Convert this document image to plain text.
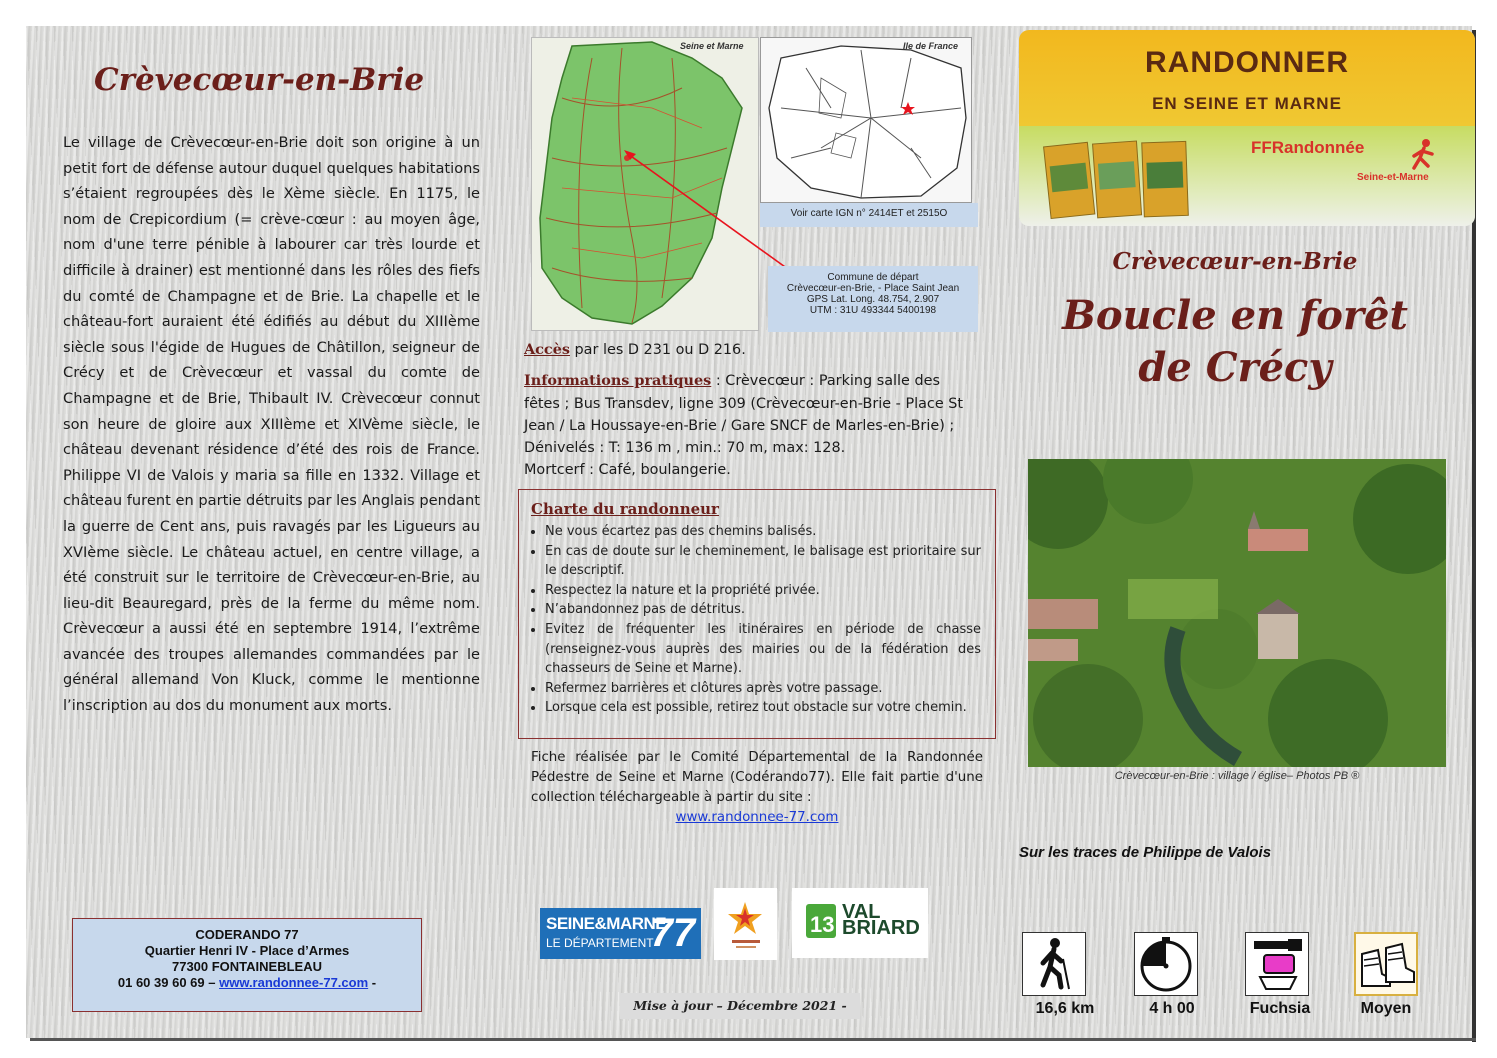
Crèvecœur-en-Brie
Le village de Crèvecœur-en-Brie doit son origine à un petit fort de défense autour duquel quelques habitations s’étaient regroupées dès le Xème siècle. En 1175, le nom de Crepicordium (= crève-cœur : au moyen âge, nom d'une terre pénible à labourer car très lourde et difficile à drainer) est mentionné dans les rôles des fiefs du comté de Champagne et de Brie. La chapelle et le château-fort auraient été édifiés au début du XIIIème siècle sous l'égide de Hugues de Châtillon, seigneur de Crécy et de Crèvecœur et vassal du comte de Champagne et de Brie, Thibault IV. Crèvecœur connut son heure de gloire aux XIIIème et XIVème siècle, le château devenant résidence d’été des rois de France. Philippe VI de Valois y maria sa fille en 1332. Village et château furent en partie détruits par les Anglais pendant la guerre de Cent ans, puis ravagés par les Ligueurs au XVIème siècle. Le château actuel, en centre village, a été construit sur le territoire de Crèvecœur-en-Brie, au lieu-dit Beauregard, près de la ferme du même nom. Crèvecœur a aussi été en septembre 1914, l’extrême avancée des troupes allemandes commandées par le général allemand Von Kluck, comme le mentionne l’inscription au dos du monument aux morts.
CODERANDO 77
Quartier Henri IV - Place d’Armes
77300 FONTAINEBLEAU
01 60 39 60 69 – www.randonnee-77.com -
Seine et Marne	Ile de France
Voir carte IGN n° 2414ET et 2515O
Commune de départ
Crèvecœur-en-Brie, - Place Saint Jean
GPS Lat. Long. 48.754, 2.907
UTM : 31U 493344 5400198

Accès par les D 231 ou D 216.

Informations pratiques : Crèvecœur : Parking salle des fêtes ; Bus Transdev, ligne 309 (Crèvecœur-en-Brie - Place St Jean / La Houssaye-en-Brie / Gare SNCF de Marles-en-Brie) ; Dénivelés : T: 136 m , min.: 70 m, max: 128.

Mortcerf : Café, boulangerie.

Charte du randonneur
• Ne vous écartez pas des chemins balisés.
• En cas de doute sur le cheminement, le balisage est prioritaire sur le descriptif.
• Respectez la nature et la propriété privée.
• N’abandonnez pas de détritus.
• Evitez de fréquenter les itinéraires en période de chasse (renseignez-vous auprès des mairies ou de la fédération des chasseurs de Seine et Marne).
• Refermez barrières et clôtures après votre passage.
• Lorsque cela est possible, retirez tout obstacle sur votre chemin.
Fiche réalisée par le Comité Départemental de la Randonnée Pédestre de Seine et Marne (Codérando77). Elle fait partie d'une collection téléchargeable à partir du site :
www.randonnee-77.com
SEINE&MARNE
LE DÉPARTEMENT
77	13 VAL
BRIARD
Mise à jour – Décembre 2021 -
RANDONNER
EN SEINE ET MARNE
FFRandonnée
Seine-et-Marne
Crèvecœur-en-Brie
Boucle en forêt
de Crécy
Crèvecœur-en-Brie : village / église– Photos PB ®
Sur les traces de Philippe de Valois
16,6 km	4 h 00	Fuchsia	Moyen
